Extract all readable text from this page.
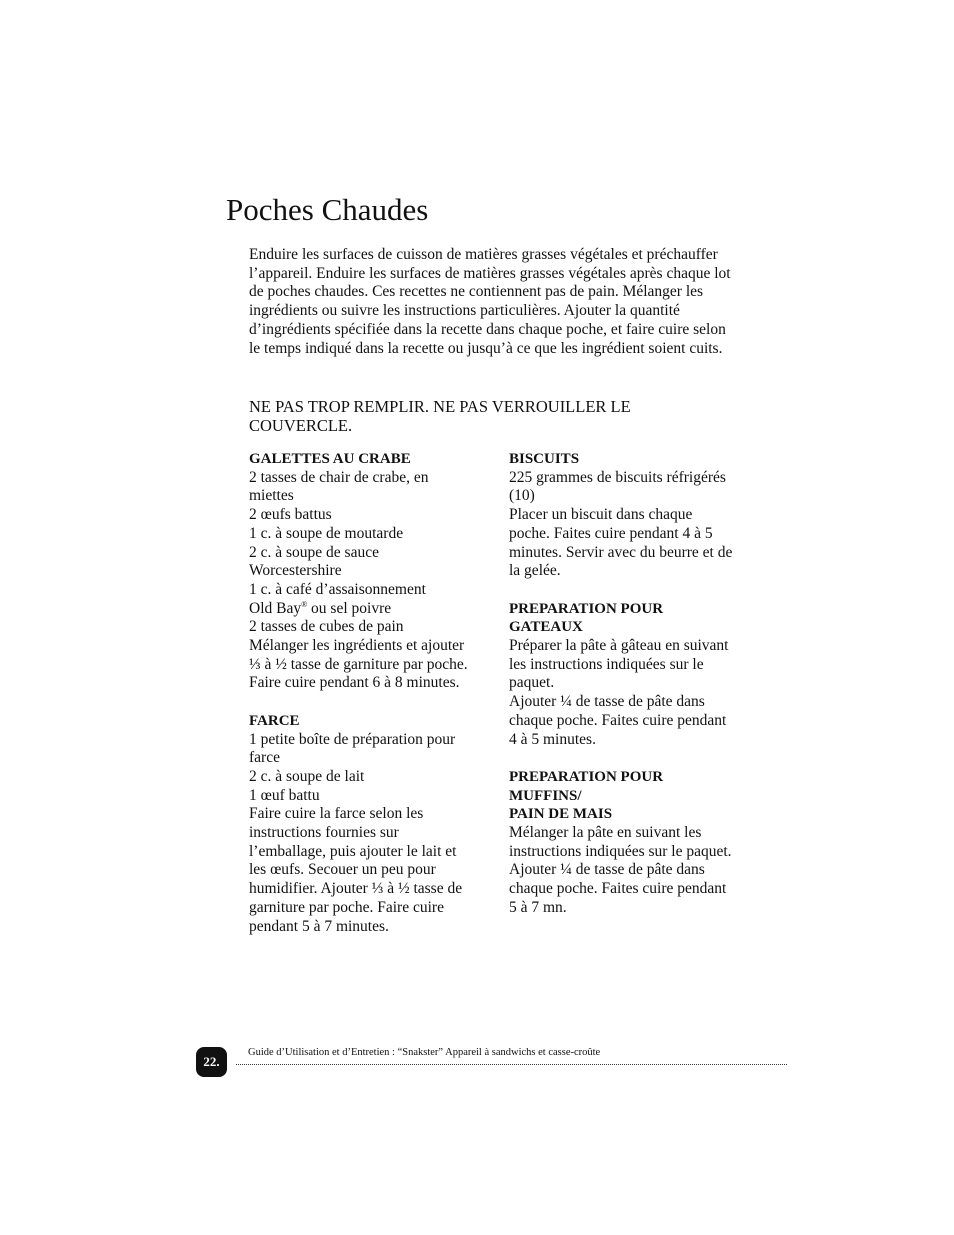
Poches Chaudes

Enduire les surfaces de cuisson de matières grasses végétales et préchauffer l’appareil. Enduire les surfaces de matières grasses végétales après chaque lot de poches chaudes. Ces recettes ne contiennent pas de pain. Mélanger les ingrédients ou suivre les instructions particulières. Ajouter la quantité d’ingrédients spécifiée dans la recette dans chaque poche, et faire cuire selon le temps indiqué dans la recette ou jusqu’à ce que les ingrédient soient cuits.

NE PAS TROP REMPLIR. NE PAS VERROUILLER LE COUVERCLE.

GALETTES AU CRABE
2 tasses de chair de crabe, en miettes
2 œufs battus
1 c. à soupe de moutarde
2 c. à soupe de sauce Worcestershire
1 c. à café d’assaisonnement
Old Bay® ou sel poivre
2 tasses de cubes de pain
Mélanger les ingrédients et ajouter ⅓ à ½ tasse de garniture par poche. Faire cuire pendant 6 à 8 minutes.
FARCE
1 petite boîte de préparation pour farce
2 c. à soupe de lait
1 œuf battu
Faire cuire la farce selon les instructions fournies sur l’emballage, puis ajouter le lait et les œufs. Secouer un peu pour humidifier. Ajouter ⅓ à ½ tasse de garniture par poche. Faire cuire pendant 5 à 7 minutes.
BISCUITS
225 grammes de biscuits réfrigérés (10)
Placer un biscuit dans chaque poche. Faites cuire pendant 4 à 5 minutes. Servir avec du beurre et de la gelée.
PREPARATION POUR GATEAUX
Préparer la pâte à gâteau en suivant les instructions indiquées sur le paquet.
Ajouter ¼ de tasse de pâte dans chaque poche. Faites cuire pendant 4 à 5 minutes.
PREPARATION POUR MUFFINS/
PAIN DE MAIS
Mélanger la pâte en suivant les instructions indiquées sur le paquet. Ajouter ¼ de tasse de pâte dans chaque poche. Faites cuire pendant 5 à 7 mn.
22.
Guide d’Utilisation et d’Entretien : “Snakster” Appareil à sandwichs et casse-croûte
